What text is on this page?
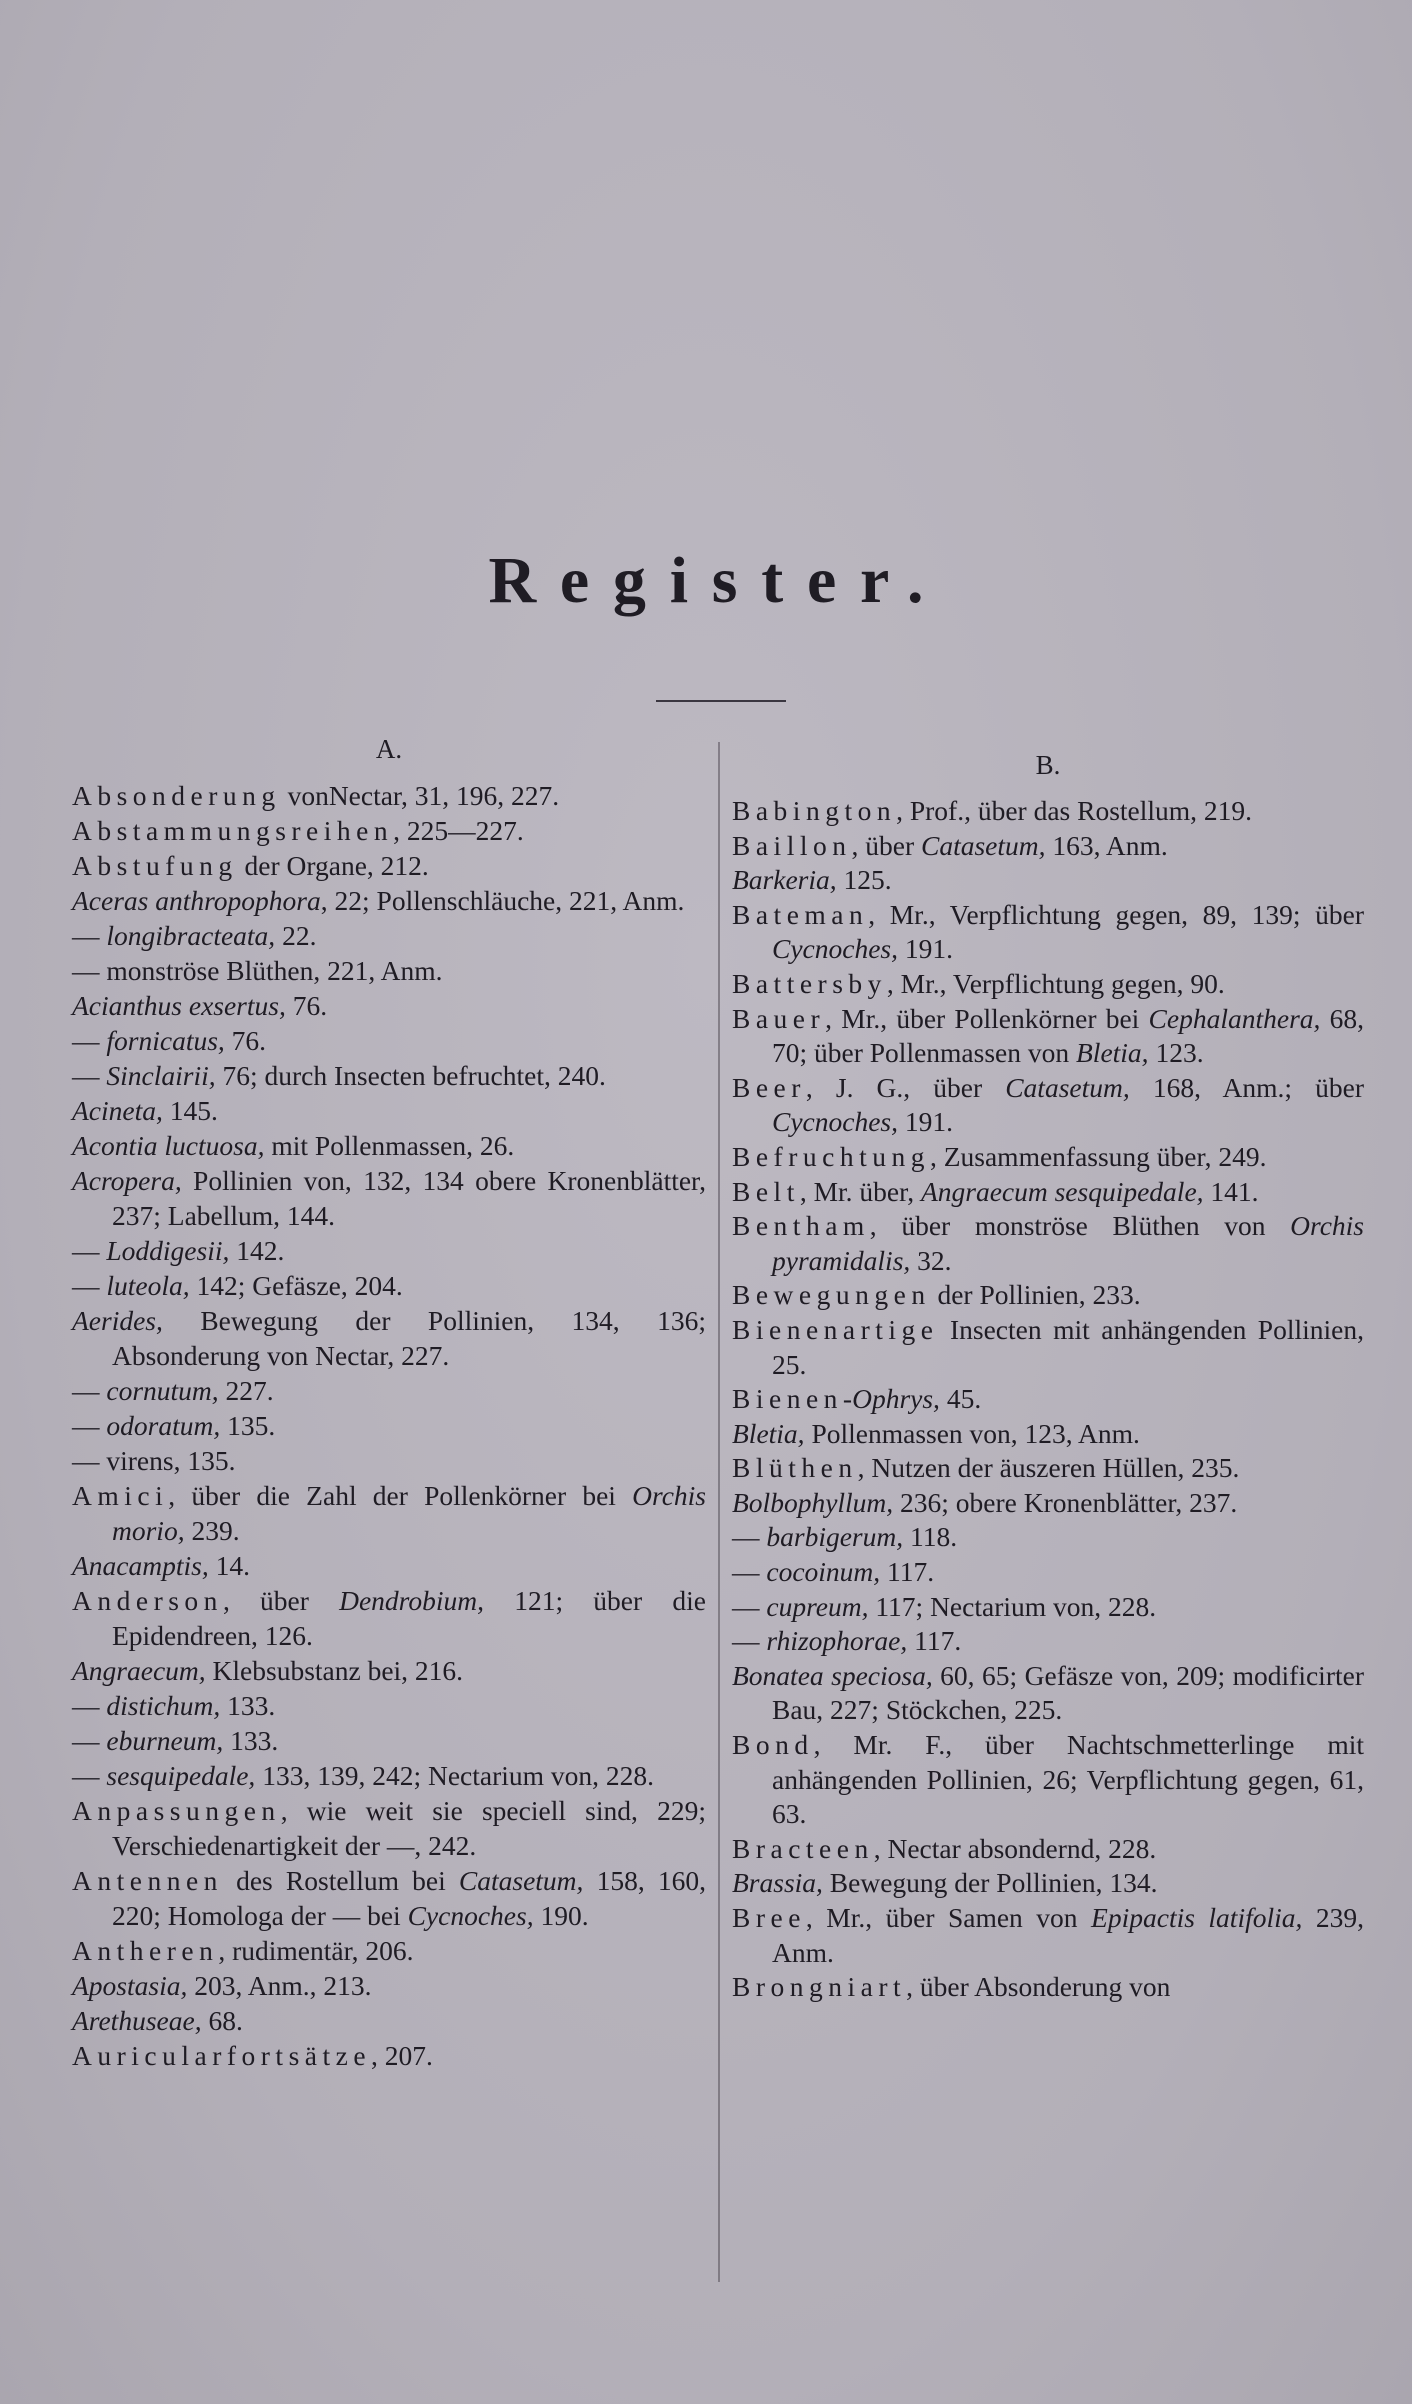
Register.
A.
Absonderung vonNectar, 31, 196, 227.
Abstammungsreihen, 225—227.
Abstufung der Organe, 212.
Aceras anthropophora, 22; Pollenschläuche, 221, Anm.
— longibracteata, 22.
— monströse Blüthen, 221, Anm.
Acianthus exsertus, 76.
— fornicatus, 76.
— Sinclairii, 76; durch Insecten befruchtet, 240.
Acineta, 145.
Acontia luctuosa, mit Pollenmassen, 26.
Acropera, Pollinien von, 132, 134 obere Kronenblätter, 237; Labellum, 144.
— Loddigesii, 142.
— luteola, 142; Gefäsze, 204.
Aerides, Bewegung der Pollinien, 134, 136; Absonderung von Nectar, 227.
— cornutum, 227.
— odoratum, 135.
— virens, 135.
Amici, über die Zahl der Pollenkörner bei Orchis morio, 239.
Anacamptis, 14.
Anderson, über Dendrobium, 121; über die Epidendreen, 126.
Angraecum, Klebsubstanz bei, 216.
— distichum, 133.
— eburneum, 133.
— sesquipedale, 133, 139, 242; Nectarium von, 228.
Anpassungen, wie weit sie speciell sind, 229; Verschiedenartigkeit der —, 242.
Antennen des Rostellum bei Catasetum, 158, 160, 220; Homologa der — bei Cycnoches, 190.
Antheren, rudimentär, 206.
Apostasia, 203, Anm., 213.
Arethuseae, 68.
Auricularfortsätze, 207.
B.
Babington, Prof., über das Rostellum, 219.
Baillon, über Catasetum, 163, Anm.
Barkeria, 125.
Bateman, Mr., Verpflichtung gegen, 89, 139; über Cycnoches, 191.
Battersby, Mr., Verpflichtung gegen, 90.
Bauer, Mr., über Pollenkörner bei Cephalanthera, 68, 70; über Pollenmassen von Bletia, 123.
Beer, J. G., über Catasetum, 168, Anm.; über Cycnoches, 191.
Befruchtung, Zusammenfassung über, 249.
Belt, Mr. über, Angraecum sesquipedale, 141.
Bentham, über monströse Blüthen von Orchis pyramidalis, 32.
Bewegungen der Pollinien, 233.
Bienenartige Insecten mit anhängenden Pollinien, 25.
Bienen-Ophrys, 45.
Bletia, Pollenmassen von, 123, Anm.
Blüthen, Nutzen der äuszeren Hüllen, 235.
Bolbophyllum, 236; obere Kronenblätter, 237.
— barbigerum, 118.
— cocoinum, 117.
— cupreum, 117; Nectarium von, 228.
— rhizophorae, 117.
Bonatea speciosa, 60, 65; Gefäsze von, 209; modificirter Bau, 227; Stöckchen, 225.
Bond, Mr. F., über Nachtschmetterlinge mit anhängenden Pollinien, 26; Verpflichtung gegen, 61, 63.
Bracteen, Nectar absondernd, 228.
Brassia, Bewegung der Pollinien, 134.
Bree, Mr., über Samen von Epipactis latifolia, 239, Anm.
Brongniart, über Absonderung von
